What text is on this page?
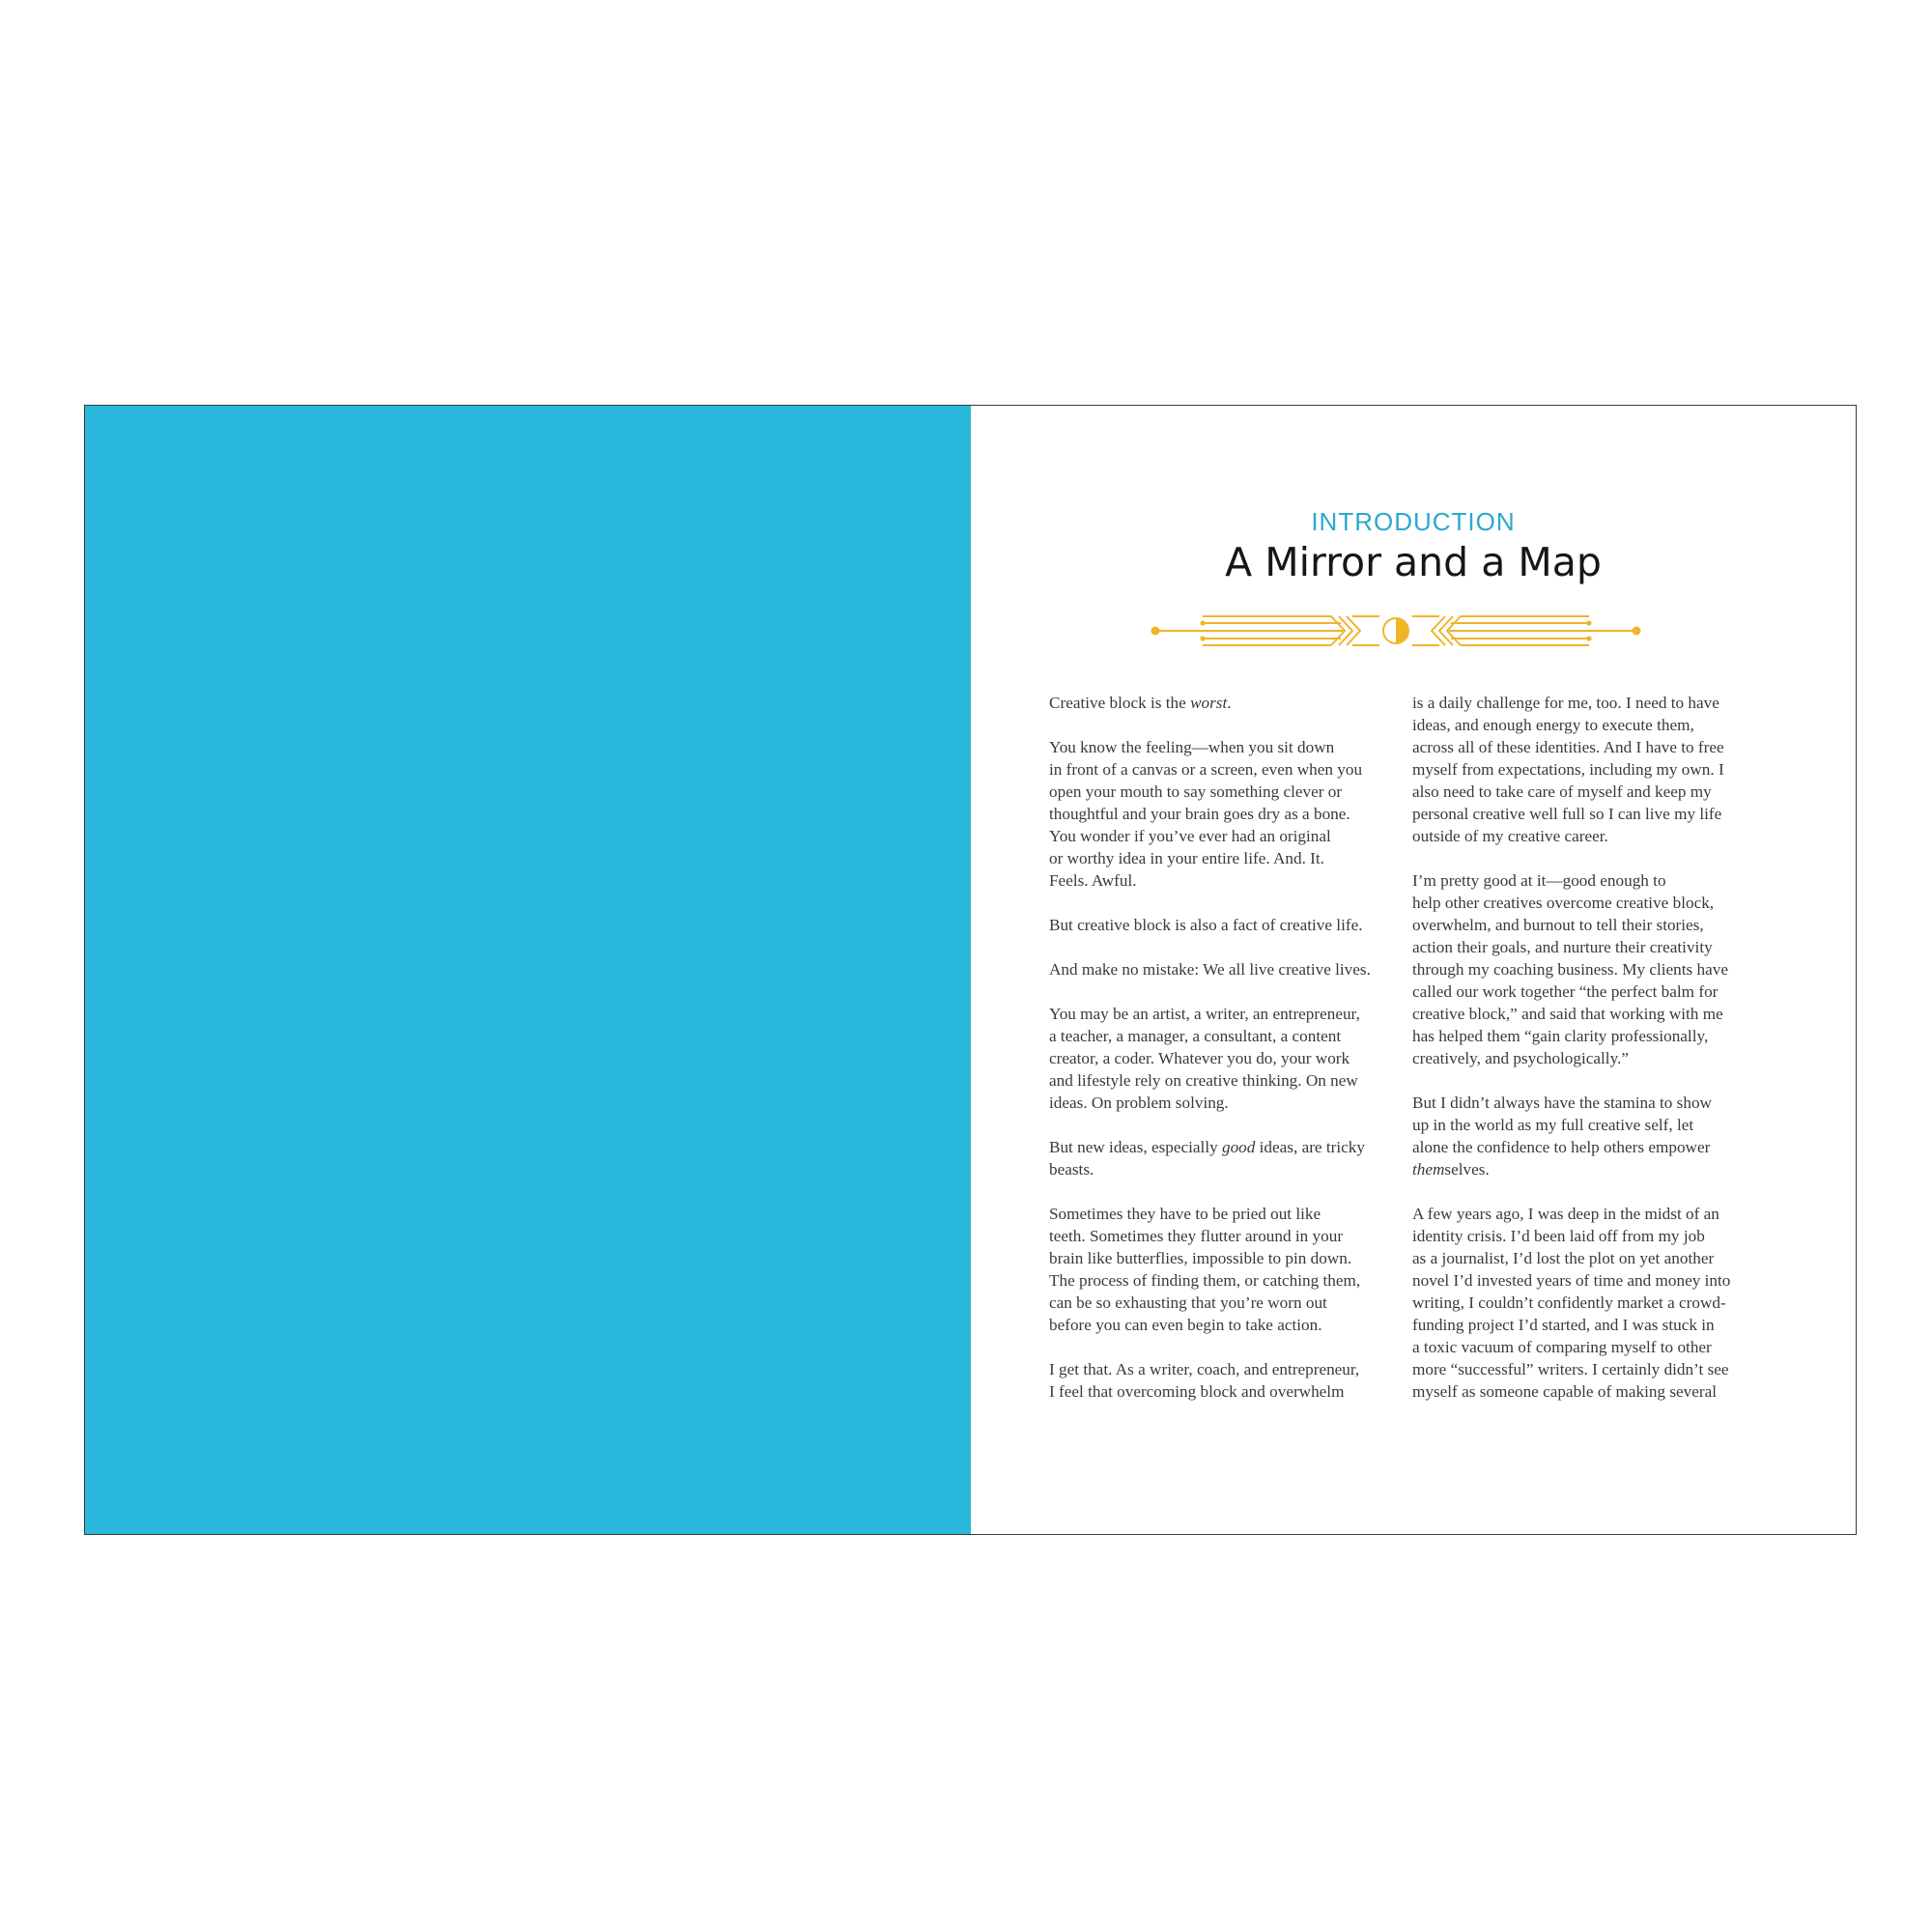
INTRODUCTION
A Mirror and a Map

Creative block is the worst.

You know the feeling—when you sit down
in front of a canvas or a screen, even when you
open your mouth to say something clever or
thoughtful and your brain goes dry as a bone.
You wonder if you’ve ever had an original
or worthy idea in your entire life. And. It.
Feels. Awful.

But creative block is also a fact of creative life.

And make no mistake: We all live creative lives.

You may be an artist, a writer, an entrepreneur,
a teacher, a manager, a consultant, a content
creator, a coder. Whatever you do, your work
and lifestyle rely on creative thinking. On new
ideas. On problem solving.

But new ideas, especially good ideas, are tricky
beasts.

Sometimes they have to be pried out like
teeth. Sometimes they flutter around in your
brain like butterflies, impossible to pin down.
The process of finding them, or catching them,
can be so exhausting that you’re worn out
before you can even begin to take action.

I get that. As a writer, coach, and entrepreneur,
I feel that overcoming block and overwhelm

is a daily challenge for me, too. I need to have
ideas, and enough energy to execute them,
across all of these identities. And I have to free
myself from expectations, including my own. I
also need to take care of myself and keep my
personal creative well full so I can live my life
outside of my creative career.

I’m pretty good at it—good enough to
help other creatives overcome creative block,
overwhelm, and burnout to tell their stories,
action their goals, and nurture their creativity
through my coaching business. My clients have
called our work together “the perfect balm for
creative block,” and said that working with me
has helped them “gain clarity professionally,
creatively, and psychologically.”

But I didn’t always have the stamina to show
up in the world as my full creative self, let
alone the confidence to help others empower
themselves.

A few years ago, I was deep in the midst of an
identity crisis. I’d been laid off from my job
as a journalist, I’d lost the plot on yet another
novel I’d invested years of time and money into
writing, I couldn’t confidently market a crowd-
funding project I’d started, and I was stuck in
a toxic vacuum of comparing myself to other
more “successful” writers. I certainly didn’t see
myself as someone capable of making several
